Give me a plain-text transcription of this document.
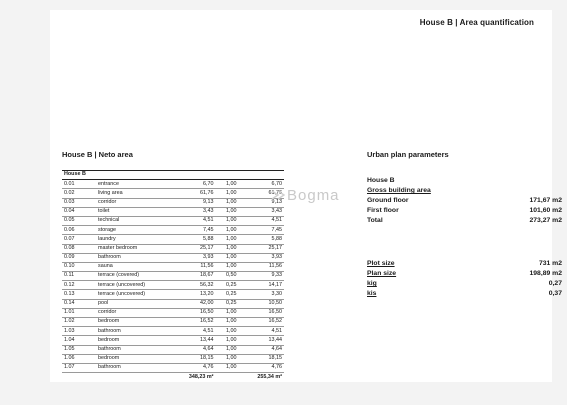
House B | Area quantification
House B | Neto area
House B				
0.01	entrance	6,70	1,00	6,70
0.02	living area	61,76	1,00	61,76
0.03	corridor	9,13	1,00	9,13
0.04	toilet	3,43	1,00	3,43
0.05	technical	4,51	1,00	4,51
0.06	storage	7,45	1,00	7,45
0.07	laundry	5,88	1,00	5,88
0.08	master bedroom	25,17	1,00	25,17
0.09	bathroom	3,93	1,00	3,93
0.10	sauna	11,56	1,00	11,56
0.11	terrace (covered)	18,67	0,50	9,33
0.12	terrace (uncovered)	56,32	0,25	14,17
0.13	terrace (uncovered)	13,20	0,25	3,30
0.14	pool	42,00	0,25	10,50
1.01	corridor	16,50	1,00	16,50
1.02	bedroom	16,52	1,00	16,52
1.03	bathroom	4,51	1,00	4,51
1.04	bedroom	13,44	1,00	13,44
1.05	bathroom	4,64	1,00	4,64
1.06	bedroom	18,15	1,00	18,15
1.07	bathroom	4,76	1,00	4,76
		348,23 m²		255,34 m²
Bogma
Urban plan parameters
House B
Gross building area
Ground floor	171,67 m2
First floor	101,60 m2
Total	273,27 m2
Plot size	731 m2
Plan size	198,89 m2
kig	0,27
kis	0,37
